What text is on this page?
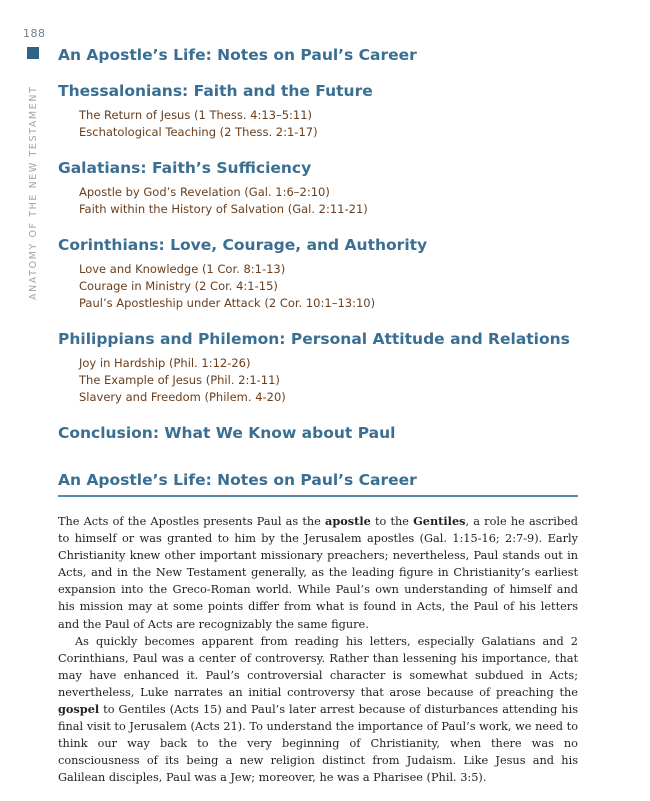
188
ANATOMY OF THE NEW TESTAMENT
An Apostle’s Life: Notes on Paul’s Career
Thessalonians: Faith and the Future
The Return of Jesus (1 Thess. 4:13–5:11)
Eschatological Teaching (2 Thess. 2:1-17)
Galatians: Faith’s Sufficiency
Apostle by God’s Revelation (Gal. 1:6–2:10)
Faith within the History of Salvation (Gal. 2:11-21)
Corinthians: Love, Courage, and Authority
Love and Knowledge (1 Cor. 8:1-13)
Courage in Ministry (2 Cor. 4:1-15)
Paul’s Apostleship under Attack (2 Cor. 10:1–13:10)
Philippians and Philemon: Personal Attitude and Relations
Joy in Hardship (Phil. 1:12-26)
The Example of Jesus (Phil. 2:1-11)
Slavery and Freedom (Philem. 4-20)
Conclusion: What We Know about Paul
An Apostle’s Life: Notes on Paul’s Career

The Acts of the Apostles presents Paul as the apostle to the Gentiles, a role he ascribed to himself or was granted to him by the Jerusalem apostles (Gal. 1:15-16; 2:7-9). Early Christianity knew other important missionary preachers; nevertheless, Paul stands out in Acts, and in the New Testament generally, as the leading figure in Christianity’s earliest expansion into the Greco-Roman world. While Paul’s own understanding of himself and his mission may at some points differ from what is found in Acts, the Paul of his letters and the Paul of Acts are recognizably the same figure.

As quickly becomes apparent from reading his letters, especially Galatians and 2 Corinthians, Paul was a center of controversy. Rather than lessening his importance, that may have enhanced it. Paul’s controversial character is somewhat subdued in Acts; nevertheless, Luke narrates an initial controversy that arose because of preaching the gospel to Gentiles (Acts 15) and Paul’s later arrest because of disturbances attending his final visit to Jerusalem (Acts 21). To understand the importance of Paul’s work, we need to think our way back to the very beginning of Christianity, when there was no consciousness of its being a new religion distinct from Judaism. Like Jesus and his Galilean disciples, Paul was a Jew; moreover, he was a Pharisee (Phil. 3:5).
